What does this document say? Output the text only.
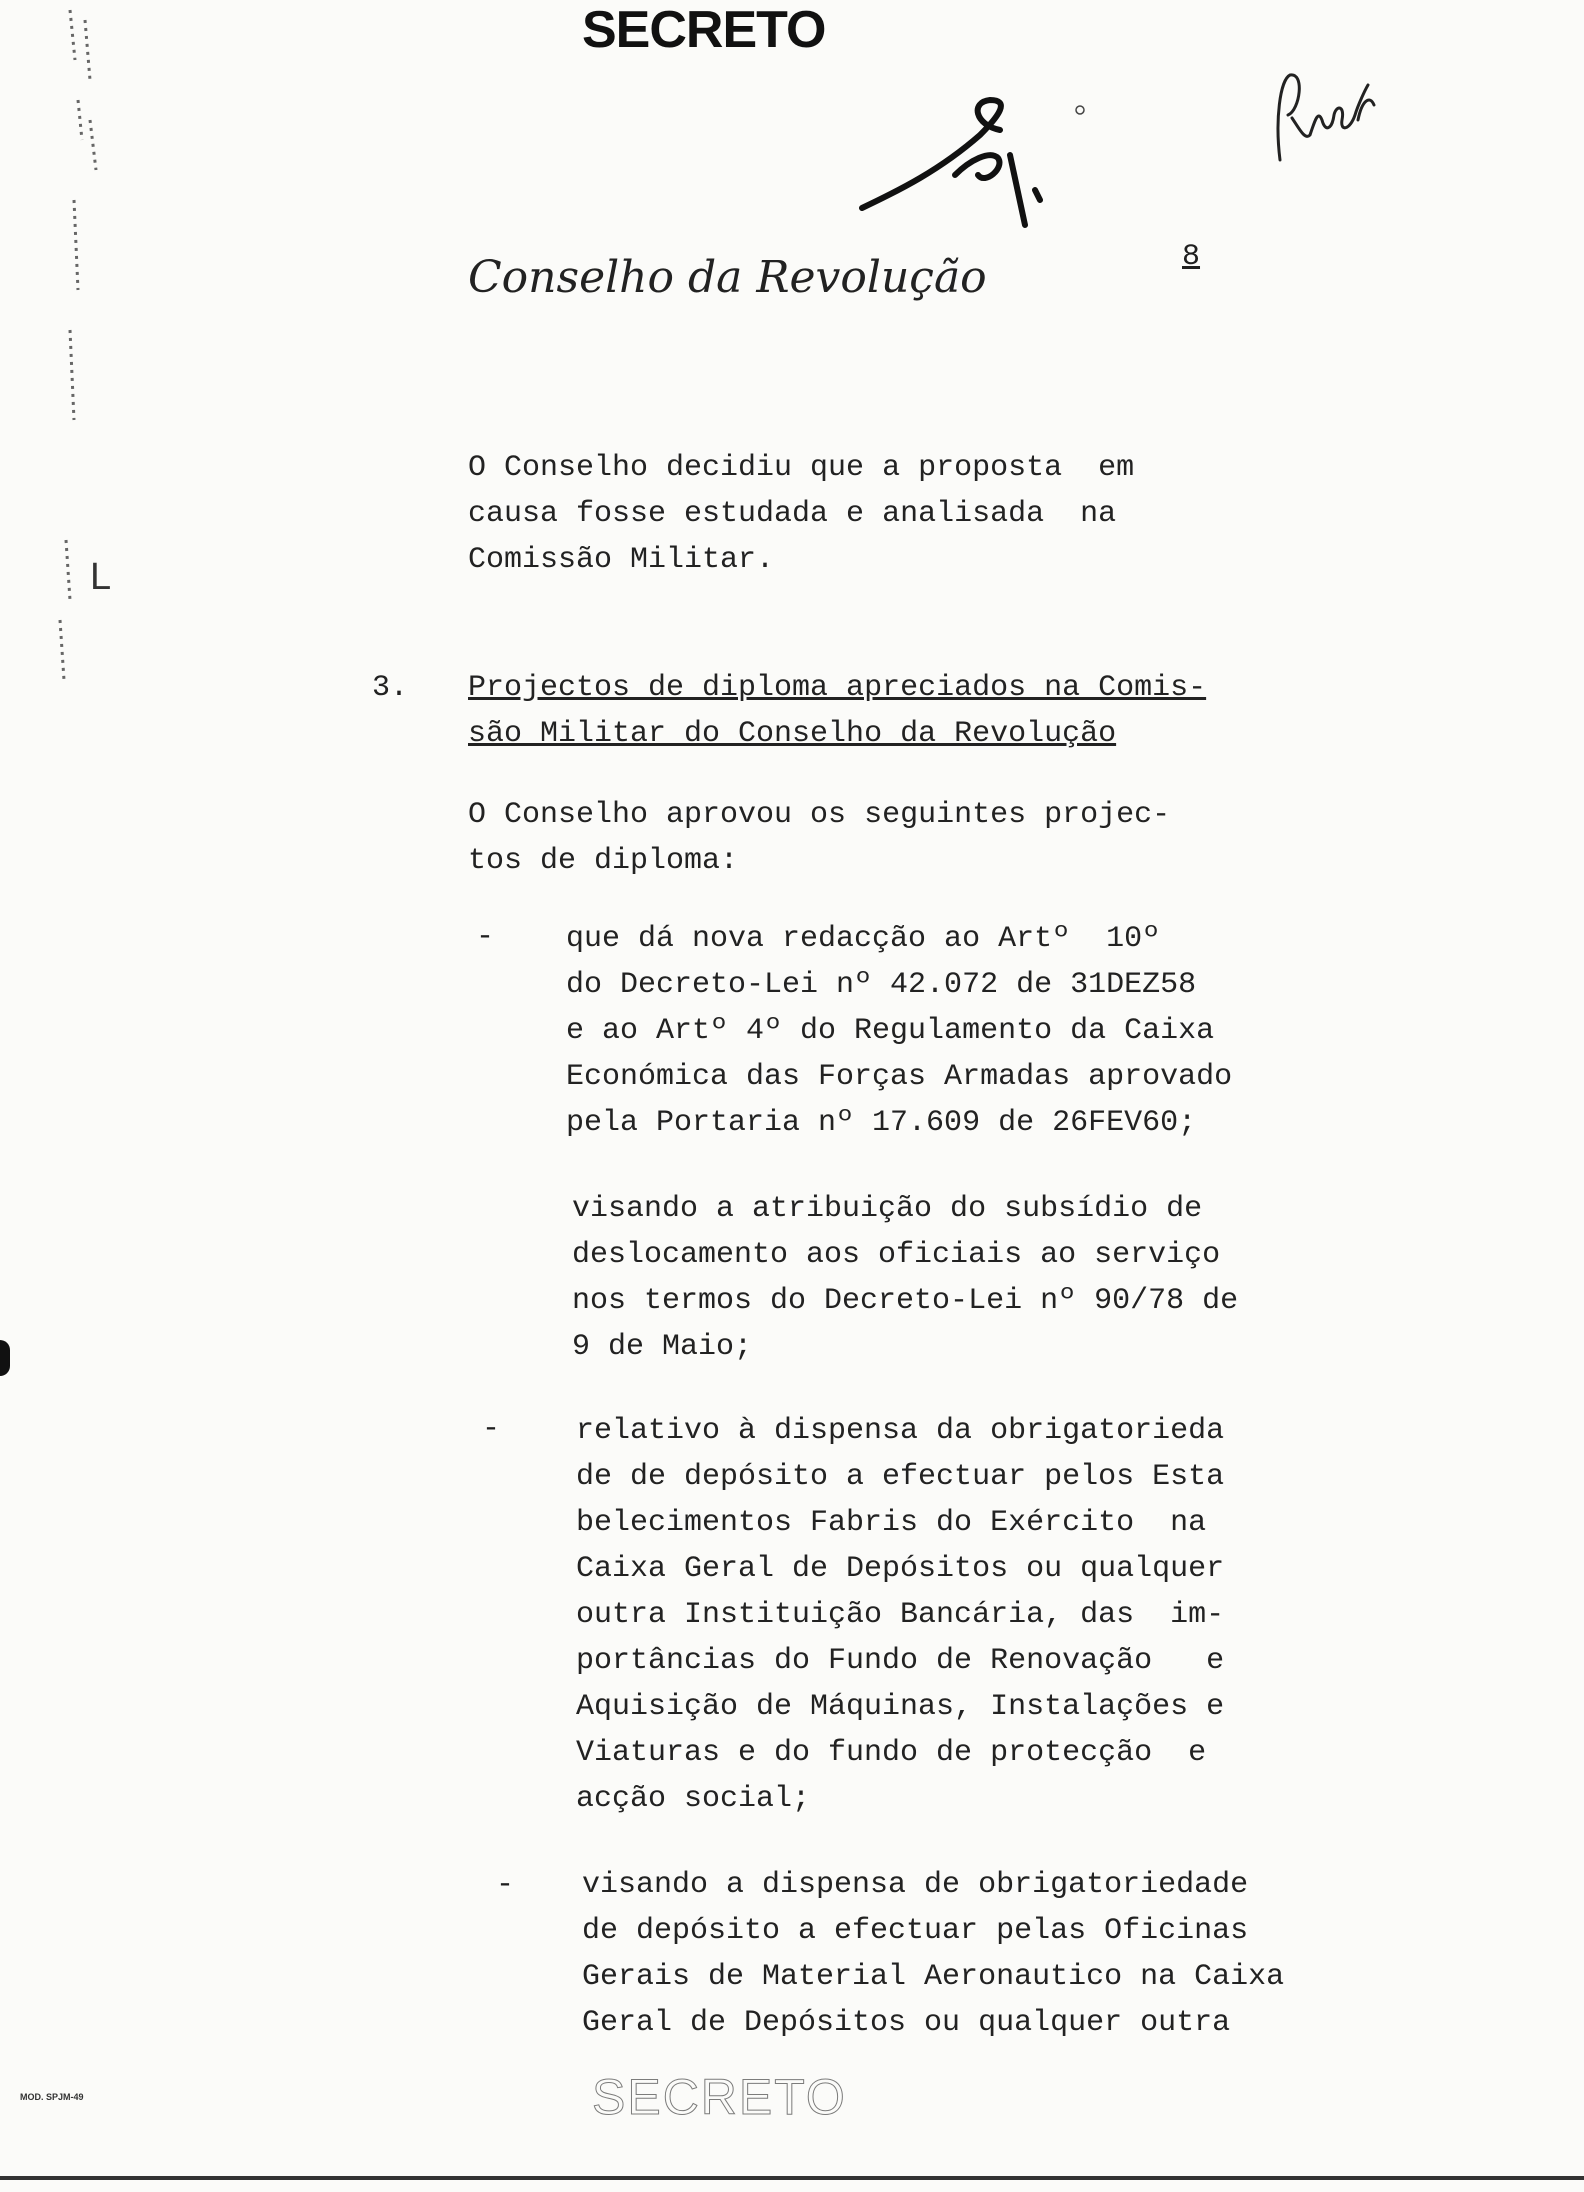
SECRETO
Conselho da Revolução	8
L
O Conselho decidiu que a proposta  em
causa fosse estudada e analisada  na
Comissão Militar.
3. Projectos de diploma apreciados na Comis-
são Militar do Conselho da Revolução
O Conselho aprovou os seguintes projec-
tos de diploma:
- que dá nova redacção ao Artº  10º
do Decreto-Lei nº 42.072 de 31DEZ58
e ao Artº 4º do Regulamento da Caixa
Económica das Forças Armadas aprovado
pela Portaria nº 17.609 de 26FEV60;
visando a atribuição do subsídio de
deslocamento aos oficiais ao serviço
nos termos do Decreto-Lei nº 90/78 de
9 de Maio;
-	relativo à dispensa da obrigatorieda
de de depósito a efectuar pelos Esta
belecimentos Fabris do Exército  na
Caixa Geral de Depósitos ou qualquer
outra Instituição Bancária, das  im-
portâncias do Fundo de Renovação   e
Aquisição de Máquinas, Instalações e
Viaturas e do fundo de protecção  e
acção social;
- visando a dispensa de obrigatoriedade
de depósito a efectuar pelas Oficinas
Gerais de Material Aeronautico na Caixa
Geral de Depósitos ou qualquer outra
SECRETO
MOD. SPJM-49
